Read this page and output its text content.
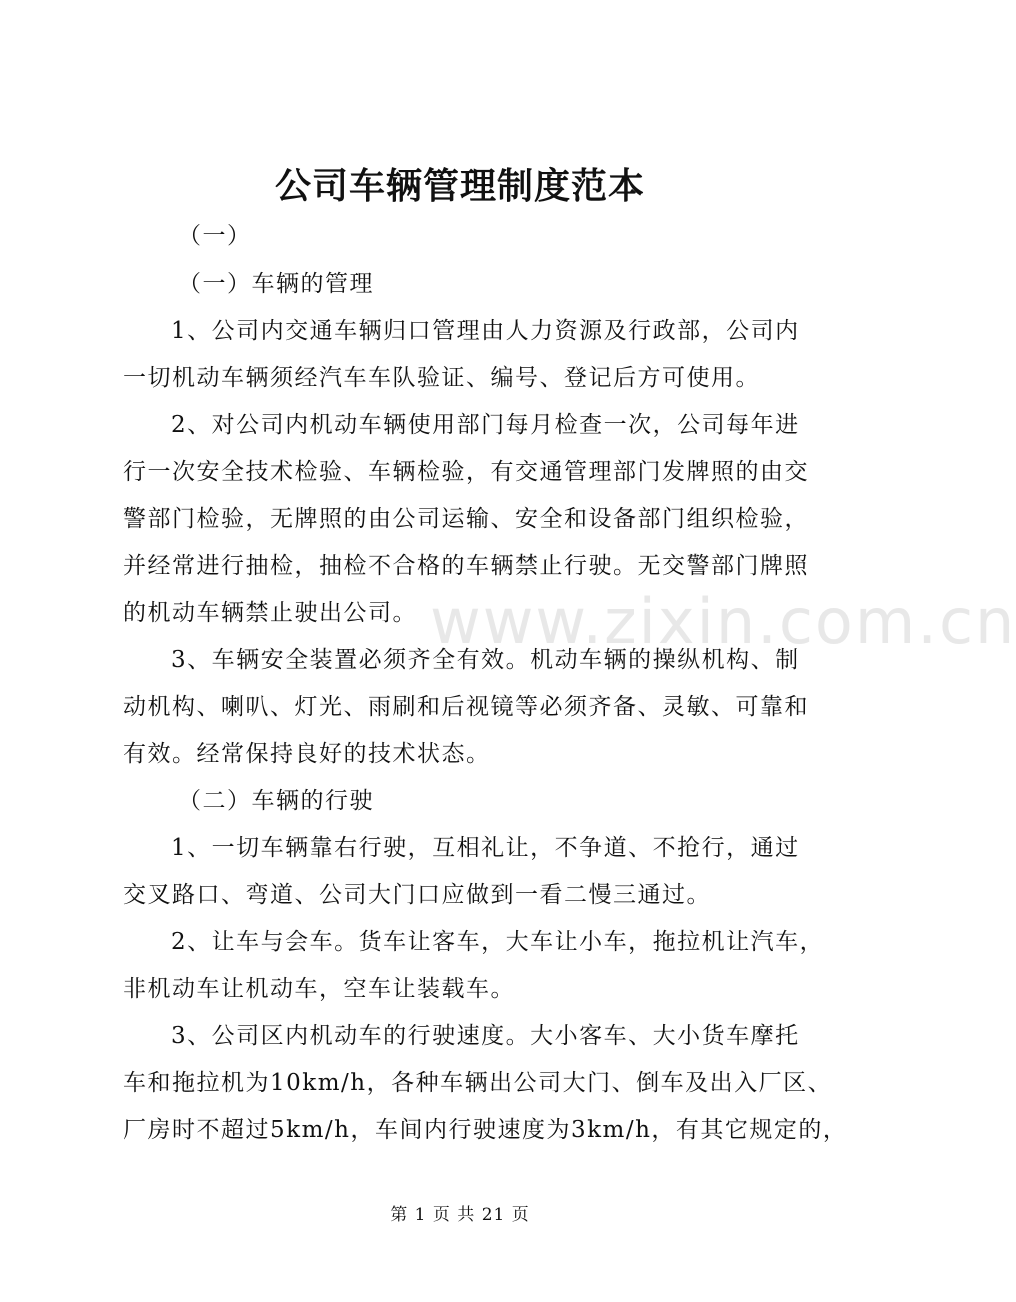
www.zixin.com.cn
公司车辆管理制度范本
（一）
（一）车辆的管理
1、公司内交通车辆归口管理由人力资源及行政部，公司内
一切机动车辆须经汽车车队验证、编号、登记后方可使用。
2、对公司内机动车辆使用部门每月检查一次，公司每年进
行一次安全技术检验、车辆检验，有交通管理部门发牌照的由交
警部门检验，无牌照的由公司运输、安全和设备部门组织检验，
并经常进行抽检，抽检不合格的车辆禁止行驶。无交警部门牌照
的机动车辆禁止驶出公司。
3、车辆安全装置必须齐全有效。机动车辆的操纵机构、制
动机构、喇叭、灯光、雨刷和后视镜等必须齐备、灵敏、可靠和
有效。经常保持良好的技术状态。
（二）车辆的行驶
1、一切车辆靠右行驶，互相礼让，不争道、不抢行，通过
交叉路口、弯道、公司大门口应做到一看二慢三通过。
2、让车与会车。货车让客车，大车让小车，拖拉机让汽车，
非机动车让机动车，空车让装载车。
3、公司区内机动车的行驶速度。大小客车、大小货车摩托
车和拖拉机为10km/h，各种车辆出公司大门、倒车及出入厂区、
厂房时不超过5km/h，车间内行驶速度为3km/h，有其它规定的，
第 1 页 共 21 页
